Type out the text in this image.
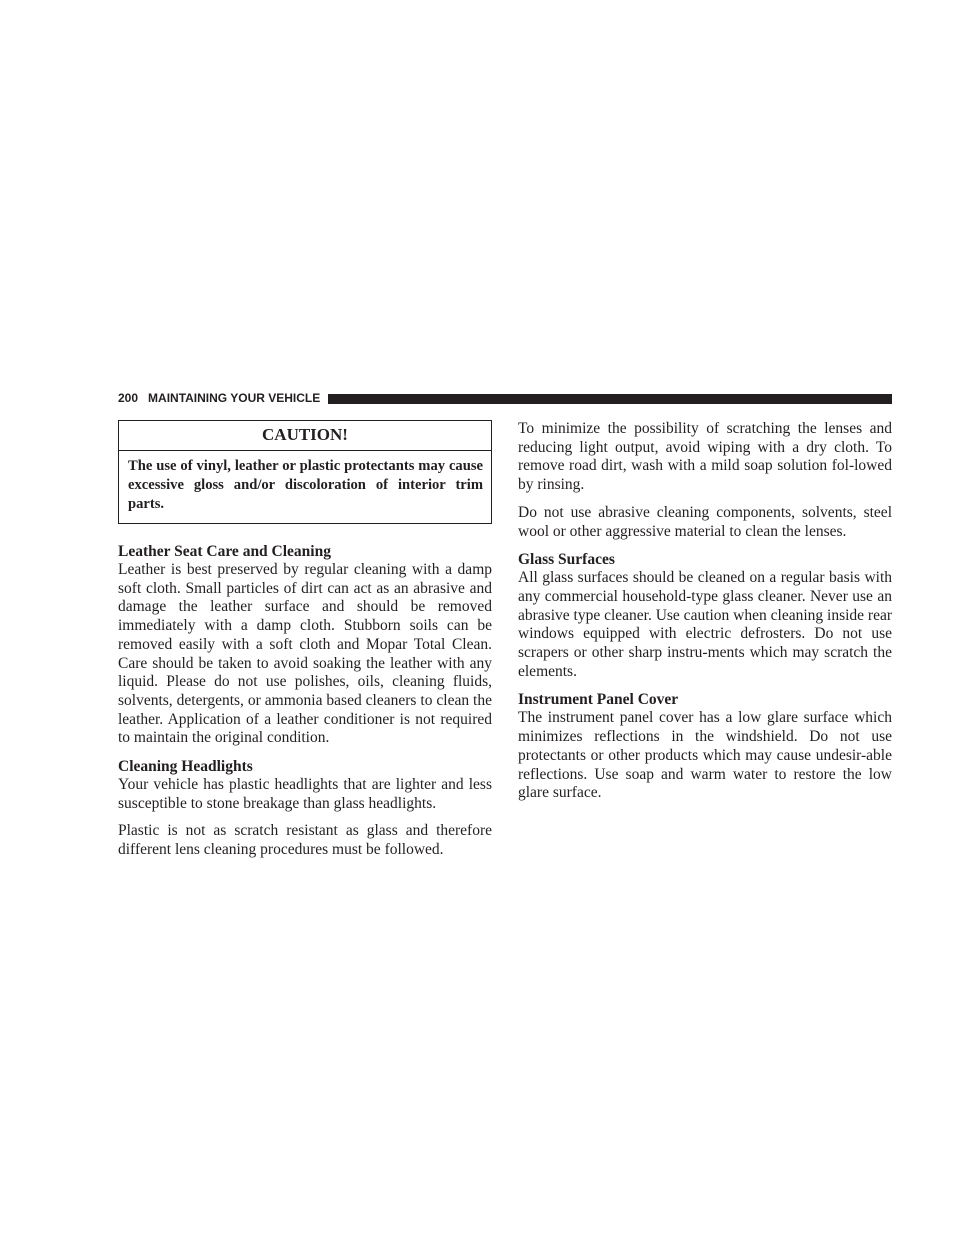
200 MAINTAINING YOUR VEHICLE
CAUTION!
The use of vinyl, leather or plastic protectants may cause excessive gloss and/or discoloration of interior trim parts.
Leather Seat Care and Cleaning

Leather is best preserved by regular cleaning with a damp soft cloth. Small particles of dirt can act as an abrasive and damage the leather surface and should be removed immediately with a damp cloth. Stubborn soils can be removed easily with a soft cloth and Mopar Total Clean. Care should be taken to avoid soaking the leather with any liquid. Please do not use polishes, oils, cleaning fluids, solvents, detergents, or ammonia based cleaners to clean the leather. Application of a leather conditioner is not required to maintain the original condition.

Cleaning Headlights

Your vehicle has plastic headlights that are lighter and less susceptible to stone breakage than glass headlights.

Plastic is not as scratch resistant as glass and therefore different lens cleaning procedures must be followed.

To minimize the possibility of scratching the lenses and reducing light output, avoid wiping with a dry cloth. To remove road dirt, wash with a mild soap solution fol-lowed by rinsing.

Do not use abrasive cleaning components, solvents, steel wool or other aggressive material to clean the lenses.

Glass Surfaces

All glass surfaces should be cleaned on a regular basis with any commercial household-type glass cleaner. Never use an abrasive type cleaner. Use caution when cleaning inside rear windows equipped with electric defrosters. Do not use scrapers or other sharp instru-ments which may scratch the elements.

Instrument Panel Cover

The instrument panel cover has a low glare surface which minimizes reflections in the windshield. Do not use protectants or other products which may cause undesir-able reflections. Use soap and warm water to restore the low glare surface.
